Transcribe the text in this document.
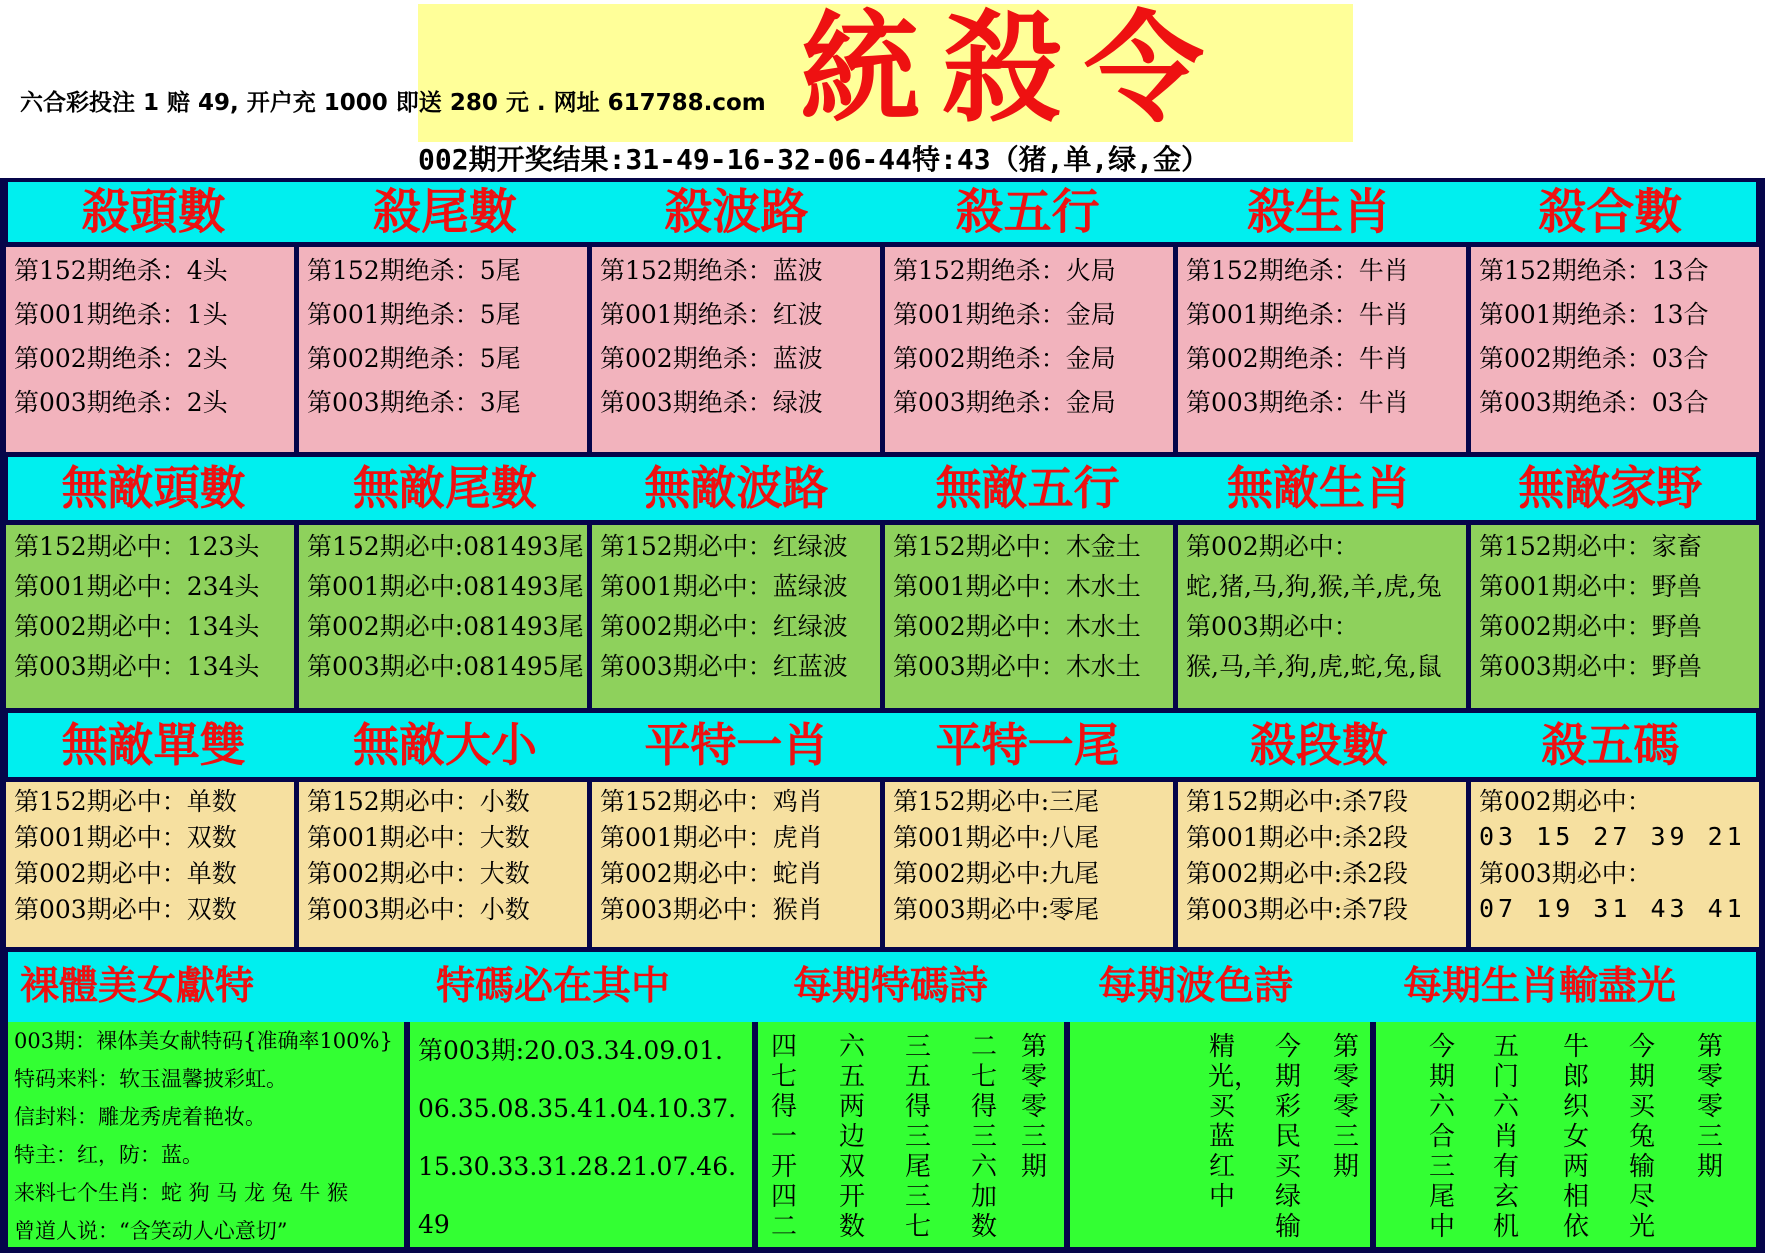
統殺令
六合彩投注 1 赔 49, 开户充 1000 即送 280 元 . 网址 617788.com
002期开奖结果:31-49-16-32-06-44特:43（猪,单,绿,金）
殺頭數	殺尾數	殺波路	殺五行	殺生肖	殺合數
第152期绝杀：4头
第001期绝杀：1头
第002期绝杀：2头
第003期绝杀：2头
第152期绝杀：5尾
第001期绝杀：5尾
第002期绝杀：5尾
第003期绝杀：3尾
第152期绝杀：蓝波
第001期绝杀：红波
第002期绝杀：蓝波
第003期绝杀：绿波
第152期绝杀：火局
第001期绝杀：金局
第002期绝杀：金局
第003期绝杀：金局
第152期绝杀：牛肖
第001期绝杀：牛肖
第002期绝杀：牛肖
第003期绝杀：牛肖
第152期绝杀：13合
第001期绝杀：13合
第002期绝杀：03合
第003期绝杀：03合
無敵頭數	無敵尾數	無敵波路	無敵五行	無敵生肖	無敵家野
第152期必中：123头
第001期必中：234头
第002期必中：134头
第003期必中：134头
第152期必中:081493尾
第001期必中:081493尾
第002期必中:081493尾
第003期必中:081495尾
第152期必中：红绿波
第001期必中：蓝绿波
第002期必中：红绿波
第003期必中：红蓝波
第152期必中：木金土
第001期必中：木水土
第002期必中：木水土
第003期必中：木水土
第002期必中：
蛇,猪,马,狗,猴,羊,虎,兔
第003期必中：
猴,马,羊,狗,虎,蛇,兔,鼠
第152期必中：家畜
第001期必中：野兽
第002期必中：野兽
第003期必中：野兽
無敵單雙	無敵大小	平特一肖	平特一尾	殺段數	殺五碼
第152期必中：单数
第001期必中：双数
第002期必中：单数
第003期必中：双数
第152期必中：小数
第001期必中：大数
第002期必中：大数
第003期必中：小数
第152期必中：鸡肖
第001期必中：虎肖
第002期必中：蛇肖
第003期必中：猴肖
第152期必中:三尾
第001期必中:八尾
第002期必中:九尾
第003期必中:零尾
第152期必中:杀7段
第001期必中:杀2段
第002期必中:杀2段
第003期必中:杀7段
第002期必中：
03 15 27 39 21
第003期必中：
07 19 31 43 41
裸體美女獻特	特碼必在其中	每期特碼詩	每期波色詩	每期生肖輸盡光
003期：裸体美女献特码{准确率100%}
特码来料：软玉温馨披彩虹。
信封料：雕龙秀虎着艳妆。
特主：红，防：蓝。
来料七个生肖：蛇 狗 马 龙 兔 牛 猴
曾道人说：“含笑动人心意切”
第003期:20.03.34.09.01.
06.35.08.35.41.04.10.37.
15.30.33.31.28.21.07.46.
49
四七得一开四二
六五两边双开数
三五得三尾三七
二七得三六加数
第零零三期
精光，买蓝红中
今期彩民买绿输
第零零三期
今期六合三尾中
五门六肖有玄机
牛郎织女两相依
今期买兔输尽光
第零零三期
